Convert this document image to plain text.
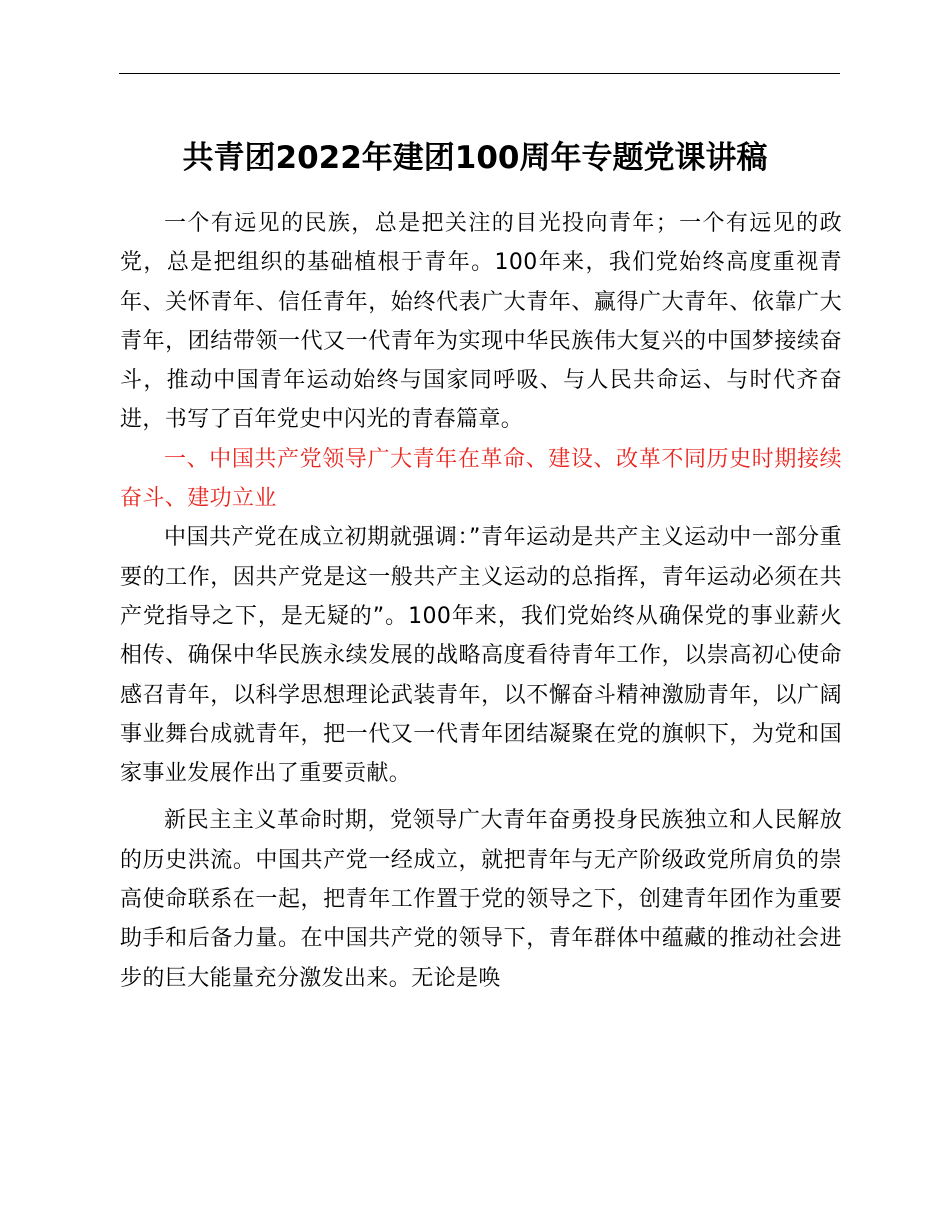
共青团2022年建团100周年专题党课讲稿

一个有远见的民族，总是把关注的目光投向青年；一个有远见的政党，总是把组织的基础植根于青年。100年来，我们党始终高度重视青年、关怀青年、信任青年，始终代表广大青年、赢得广大青年、依靠广大青年，团结带领一代又一代青年为实现中华民族伟大复兴的中国梦接续奋斗，推动中国青年运动始终与国家同呼吸、与人民共命运、与时代齐奋进，书写了百年党史中闪光的青春篇章。

一、中国共产党领导广大青年在革命、建设、改革不同历史时期接续奋斗、建功立业

中国共产党在成立初期就强调：”青年运动是共产主义运动中一部分重要的工作，因共产党是这一般共产主义运动的总指挥，青年运动必须在共产党指导之下，是无疑的”。100年来，我们党始终从确保党的事业薪火相传、确保中华民族永续发展的战略高度看待青年工作，以崇高初心使命感召青年，以科学思想理论武装青年，以不懈奋斗精神激励青年，以广阔事业舞台成就青年，把一代又一代青年团结凝聚在党的旗帜下，为党和国家事业发展作出了重要贡献。

新民主主义革命时期，党领导广大青年奋勇投身民族独立和人民解放的历史洪流。中国共产党一经成立，就把青年与无产阶级政党所肩负的崇高使命联系在一起，把青年工作置于党的领导之下，创建青年团作为重要助手和后备力量。在中国共产党的领导下，青年群体中蕴藏的推动社会进步的巨大能量充分激发出来。无论是唤
